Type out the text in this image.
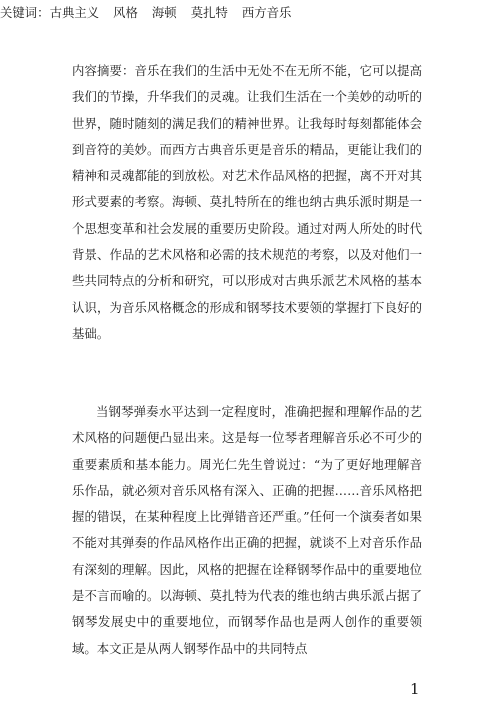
内容摘要：音乐在我们的生活中无处不在无所不能，它可以提高我们的节操，升华我们的灵魂。让我们生活在一个美妙的动听的世界，随时随刻的满足我们的精神世界。让我每时每刻都能体会到音符的美妙。而西方古典音乐更是音乐的精品，更能让我们的精神和灵魂都能的到放松。对艺术作品风格的把握，离不开对其形式要素的考察。海顿、莫扎特所在的维也纳古典乐派时期是一个思想变革和社会发展的重要历史阶段。通过对两人所处的时代背景、作品的艺术风格和必需的技术规范的考察，以及对他们一些共同特点的分析和研究，可以形成对古典乐派艺术风格的基本认识，为音乐风格概念的形成和钢琴技术要领的掌握打下良好的基础。
关键词：古典主义 风格 海顿 莫扎特 西方音乐
当钢琴弹奏水平达到一定程度时，准确把握和理解作品的艺术风格的问题便凸显出来。这是每一位琴者理解音乐必不可少的重要素质和基本能力。周光仁先生曾说过：“为了更好地理解音乐作品，就必须对音乐风格有深入、正确的把握……音乐风格把握的错误，在某种程度上比弹错音还严重。”任何一个演奏者如果不能对其弹奏的作品风格作出正确的把握，就谈不上对音乐作品有深刻的理解。因此，风格的把握在诠释钢琴作品中的重要地位是不言而喻的。以海顿、莫扎特为代表的维也纳古典乐派占据了钢琴发展史中的重要地位，而钢琴作品也是两人创作的重要领域。本文正是从两人钢琴作品中的共同特点
1
